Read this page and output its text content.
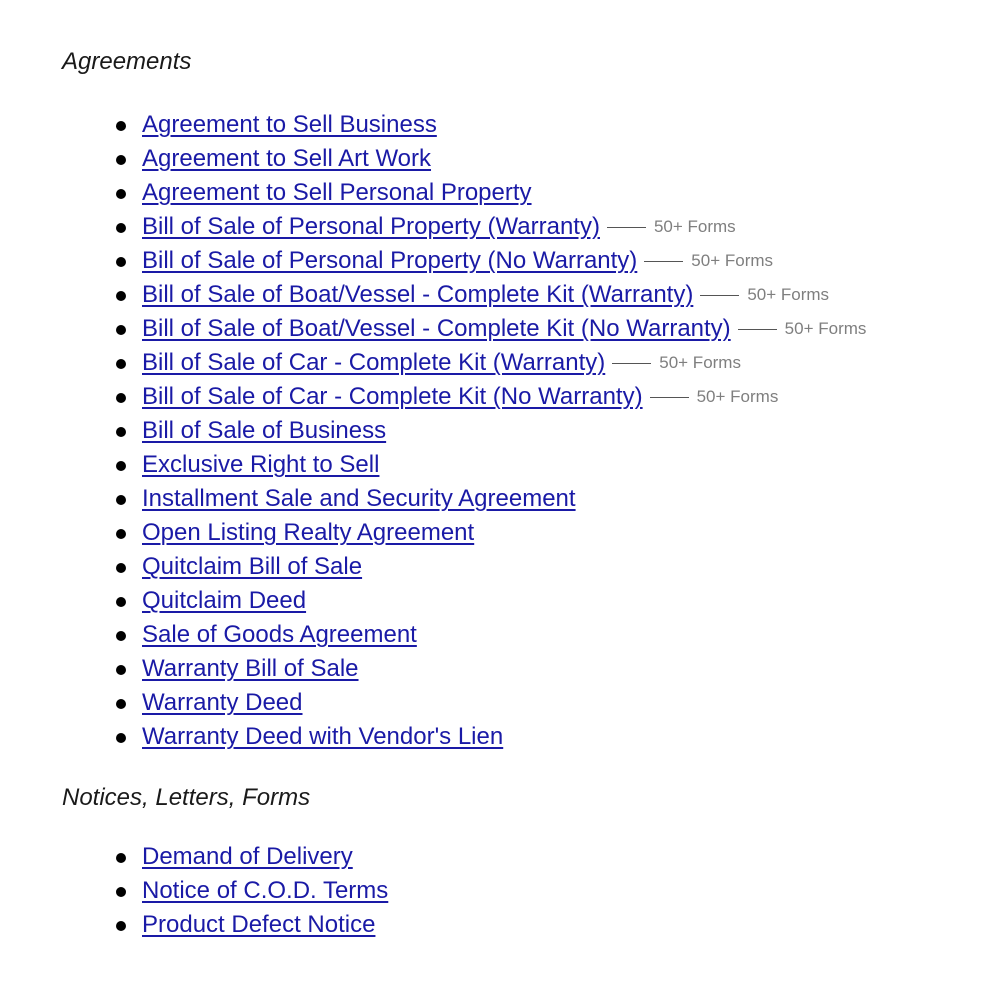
Agreements
Agreement to Sell Business
Agreement to Sell Art Work
Agreement to Sell Personal Property
Bill of Sale of Personal Property (Warranty)	50+ Forms
Bill of Sale of Personal Property (No Warranty)	50+ Forms
Bill of Sale of Boat/Vessel - Complete Kit (Warranty)	50+ Forms
Bill of Sale of Boat/Vessel - Complete Kit (No Warranty)	50+ Forms
Bill of Sale of Car - Complete Kit (Warranty)	50+ Forms
Bill of Sale of Car - Complete Kit (No Warranty)	50+ Forms
Bill of Sale of Business
Exclusive Right to Sell
Installment Sale and Security Agreement
Open Listing Realty Agreement
Quitclaim Bill of Sale
Quitclaim Deed
Sale of Goods Agreement
Warranty Bill of Sale
Warranty Deed
Warranty Deed with Vendor's Lien
Notices, Letters, Forms
Demand of Delivery
Notice of C.O.D. Terms
Product Defect Notice
